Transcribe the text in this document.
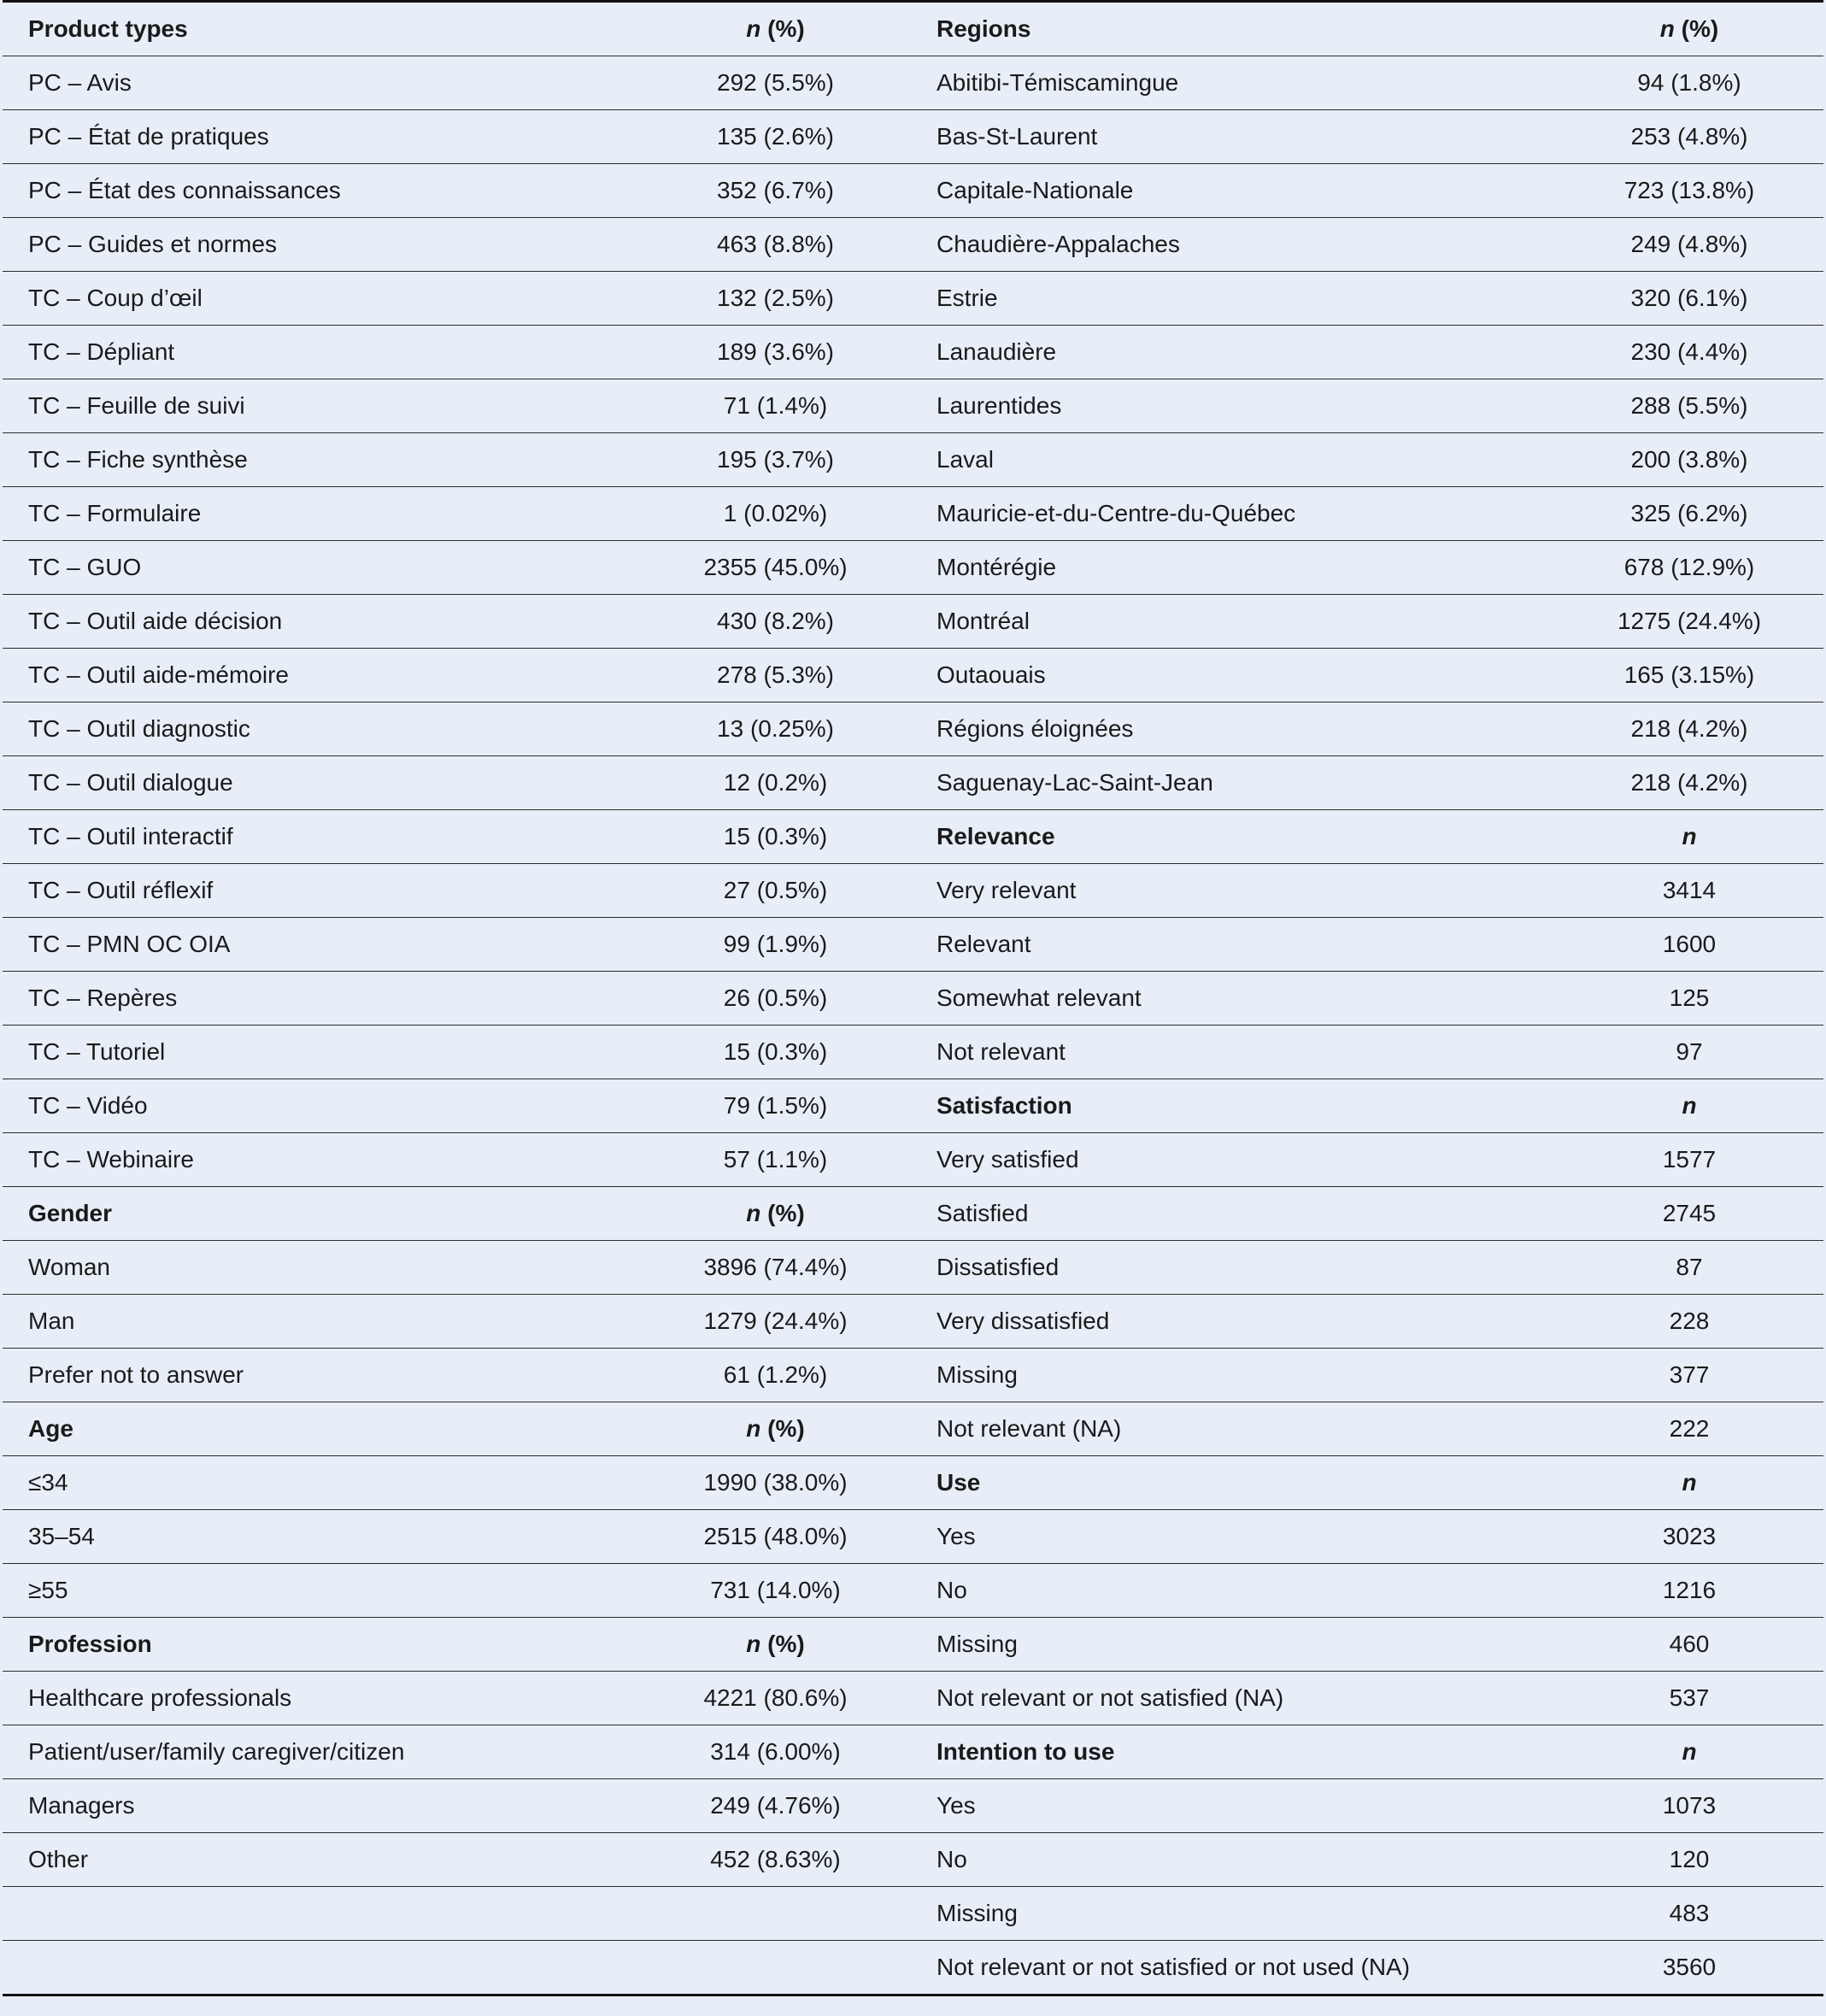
Product types	n (%)	Regions	n (%)
PC – Avis	292 (5.5%)	Abitibi-Témiscamingue	94 (1.8%)
PC – État de pratiques	135 (2.6%)	Bas-St-Laurent	253 (4.8%)
PC – État des connaissances	352 (6.7%)	Capitale-Nationale	723 (13.8%)
PC – Guides et normes	463 (8.8%)	Chaudière-Appalaches	249 (4.8%)
TC – Coup d’œil	132 (2.5%)	Estrie	320 (6.1%)
TC – Dépliant	189 (3.6%)	Lanaudière	230 (4.4%)
TC – Feuille de suivi	71 (1.4%)	Laurentides	288 (5.5%)
TC – Fiche synthèse	195 (3.7%)	Laval	200 (3.8%)
TC – Formulaire	1 (0.02%)	Mauricie-et-du-Centre-du-Québec	325 (6.2%)
TC – GUO	2355 (45.0%)	Montérégie	678 (12.9%)
TC – Outil aide décision	430 (8.2%)	Montréal	1275 (24.4%)
TC – Outil aide-mémoire	278 (5.3%)	Outaouais	165 (3.15%)
TC – Outil diagnostic	13 (0.25%)	Régions éloignées	218 (4.2%)
TC – Outil dialogue	12 (0.2%)	Saguenay-Lac-Saint-Jean	218 (4.2%)
TC – Outil interactif	15 (0.3%)	Relevance	n
TC – Outil réflexif	27 (0.5%)	Very relevant	3414
TC – PMN OC OIA	99 (1.9%)	Relevant	1600
TC – Repères	26 (0.5%)	Somewhat relevant	125
TC – Tutoriel	15 (0.3%)	Not relevant	97
TC – Vidéo	79 (1.5%)	Satisfaction	n
TC – Webinaire	57 (1.1%)	Very satisfied	1577
Gender	n (%)	Satisfied	2745
Woman	3896 (74.4%)	Dissatisfied	87
Man	1279 (24.4%)	Very dissatisfied	228
Prefer not to answer	61 (1.2%)	Missing	377
Age	n (%)	Not relevant (NA)	222
≤34	1990 (38.0%)	Use	n
35–54	2515 (48.0%)	Yes	3023
≥55	731 (14.0%)	No	1216
Profession	n (%)	Missing	460
Healthcare professionals	4221 (80.6%)	Not relevant or not satisfied (NA)	537
Patient/user/family caregiver/citizen	314 (6.00%)	Intention to use	n
Managers	249 (4.76%)	Yes	1073
Other	452 (8.63%)	No	120
		Missing	483
		Not relevant or not satisfied or not used (NA)	3560
